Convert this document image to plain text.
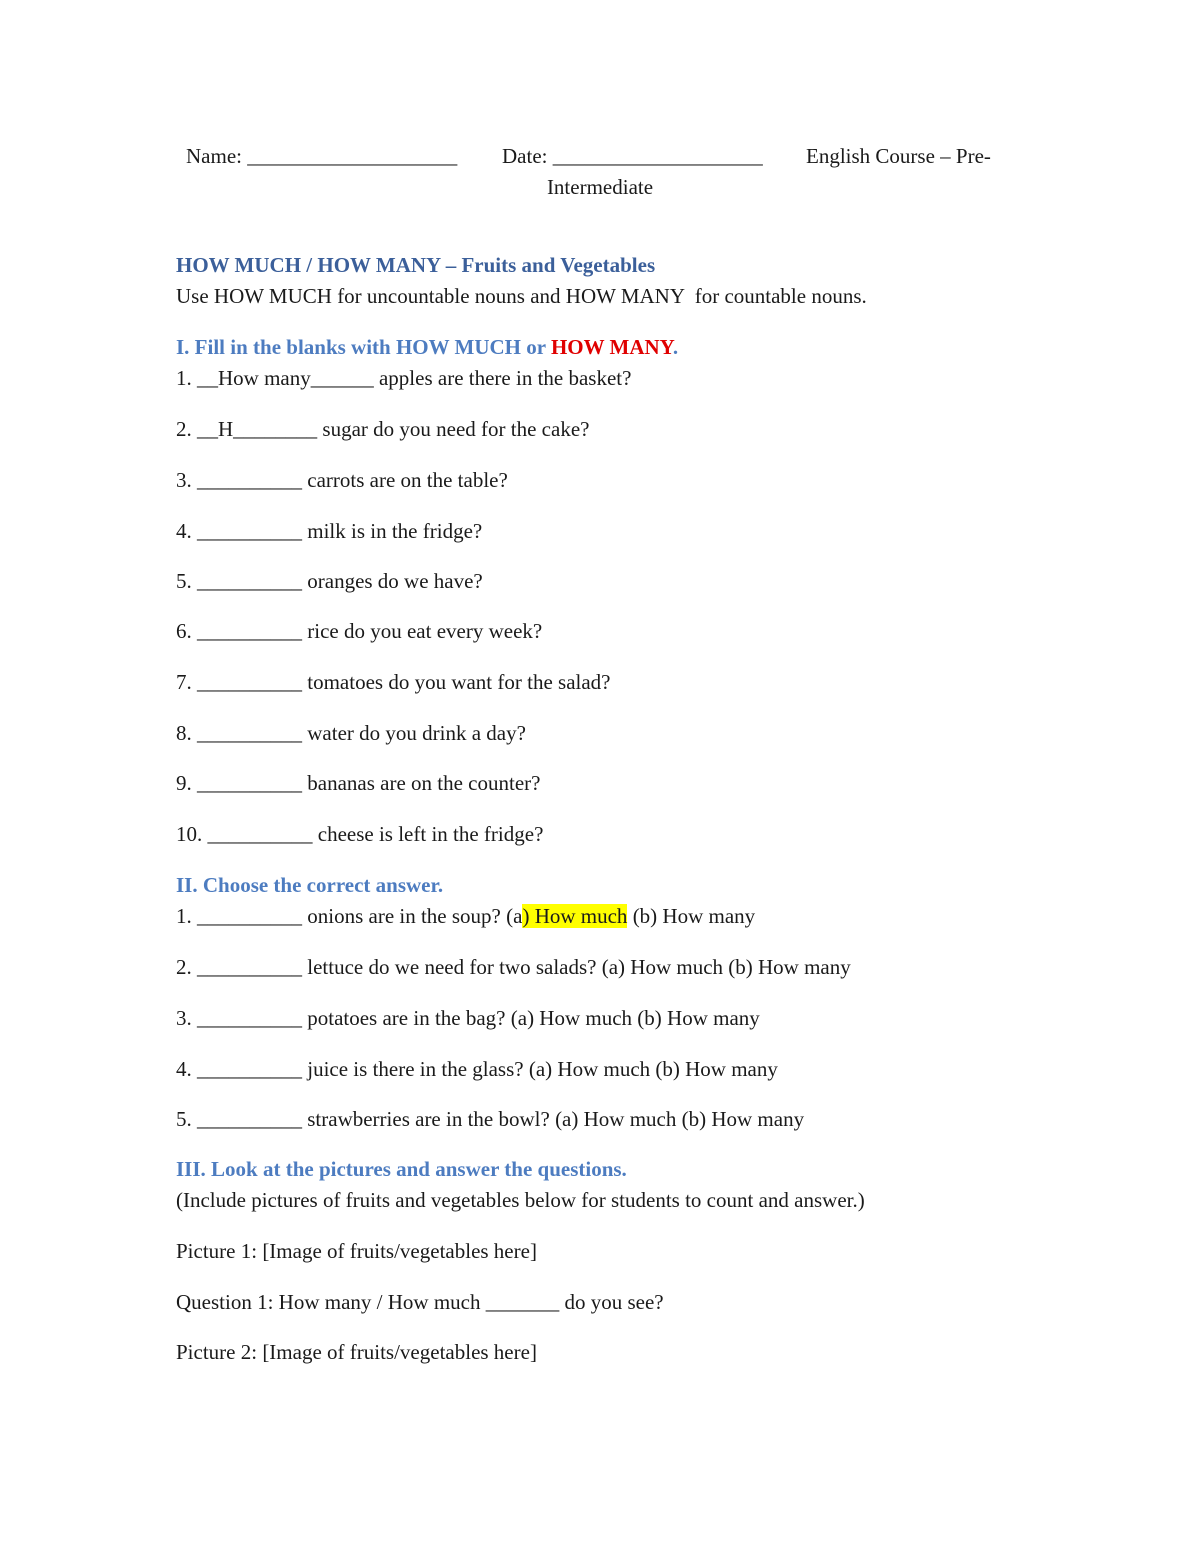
Name: ____________________ Date: ____________________ English Course – Pre-
Intermediate
HOW MUCH / HOW MANY – Fruits and Vegetables
Use HOW MUCH for uncountable nouns and HOW MANY  for countable nouns.
I. Fill in the blanks with HOW MUCH or HOW MANY.
1. __How many______ apples are there in the basket?
2. __H________ sugar do you need for the cake?
3. __________ carrots are on the table?
4. __________ milk is in the fridge?
5. __________ oranges do we have?
6. __________ rice do you eat every week?
7. __________ tomatoes do you want for the salad?
8. __________ water do you drink a day?
9. __________ bananas are on the counter?
10. __________ cheese is left in the fridge?
II. Choose the correct answer.
1. __________ onions are in the soup? (a) How much (b) How many
2. __________ lettuce do we need for two salads? (a) How much (b) How many
3. __________ potatoes are in the bag? (a) How much (b) How many
4. __________ juice is there in the glass? (a) How much (b) How many
5. __________ strawberries are in the bowl? (a) How much (b) How many
III. Look at the pictures and answer the questions.
(Include pictures of fruits and vegetables below for students to count and answer.)
Picture 1: [Image of fruits/vegetables here]
Question 1: How many / How much _______ do you see?
Picture 2: [Image of fruits/vegetables here]
